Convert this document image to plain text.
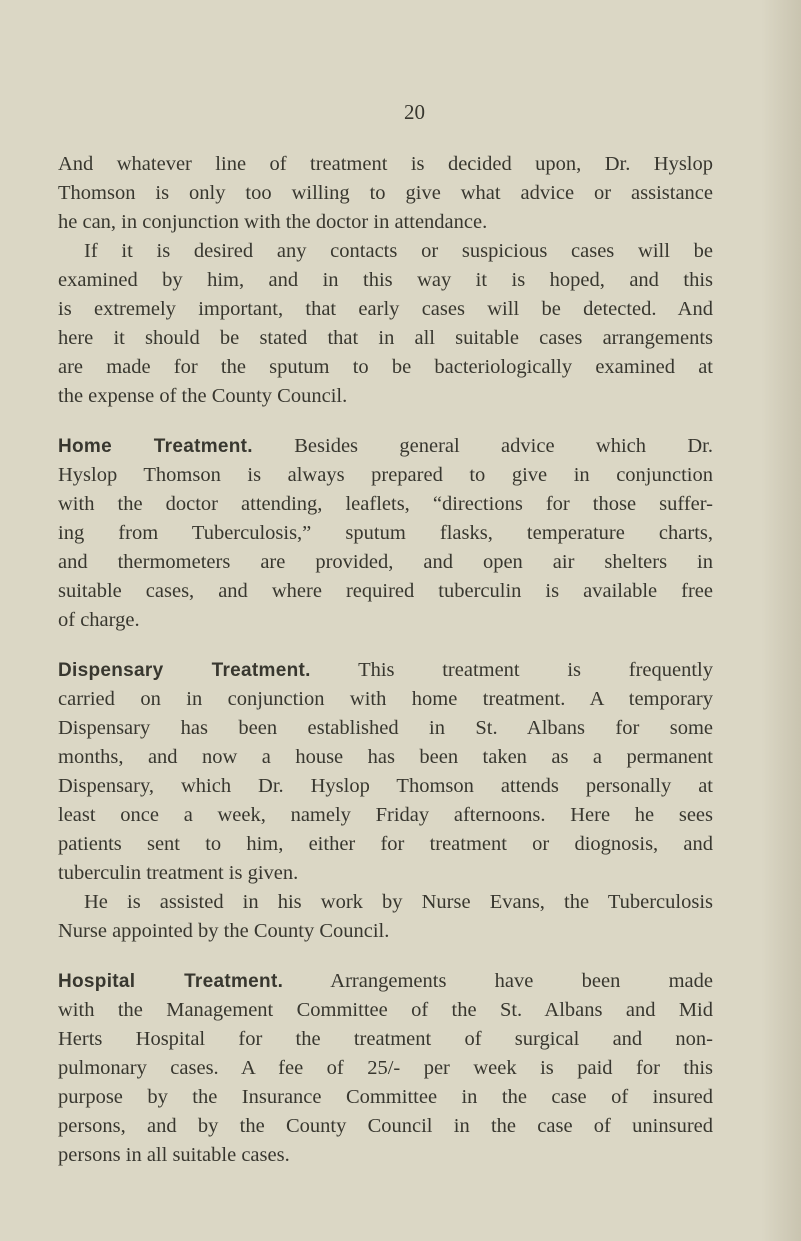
20
And whatever line of treatment is decided upon, Dr. Hyslop
Thomson is only too willing to give what advice or assistance
he can, in conjunction with the doctor in attendance.
If it is desired any contacts or suspicious cases will be
examined by him, and in this way it is hoped, and this
is extremely important, that early cases will be detected. And
here it should be stated that in all suitable cases arrangements
are made for the sputum to be bacteriologically examined at
the expense of the County Council.
Home Treatment. Besides general advice which Dr.
Hyslop Thomson is always prepared to give in conjunction
with the doctor attending, leaflets, “directions for those suffer-
ing from Tuberculosis,” sputum flasks, temperature charts,
and thermometers are provided, and open air shelters in
suitable cases, and where required tuberculin is available free
of charge.
Dispensary Treatment. This treatment is frequently
carried on in conjunction with home treatment. A temporary
Dispensary has been established in St. Albans for some
months, and now a house has been taken as a permanent
Dispensary, which Dr. Hyslop Thomson attends personally at
least once a week, namely Friday afternoons. Here he sees
patients sent to him, either for treatment or diognosis, and
tuberculin treatment is given.
He is assisted in his work by Nurse Evans, the Tuberculosis
Nurse appointed by the County Council.
Hospital Treatment. Arrangements have been made
with the Management Committee of the St. Albans and Mid
Herts Hospital for the treatment of surgical and non-
pulmonary cases. A fee of 25/- per week is paid for this
purpose by the Insurance Committee in the case of insured
persons, and by the County Council in the case of uninsured
persons in all suitable cases.
